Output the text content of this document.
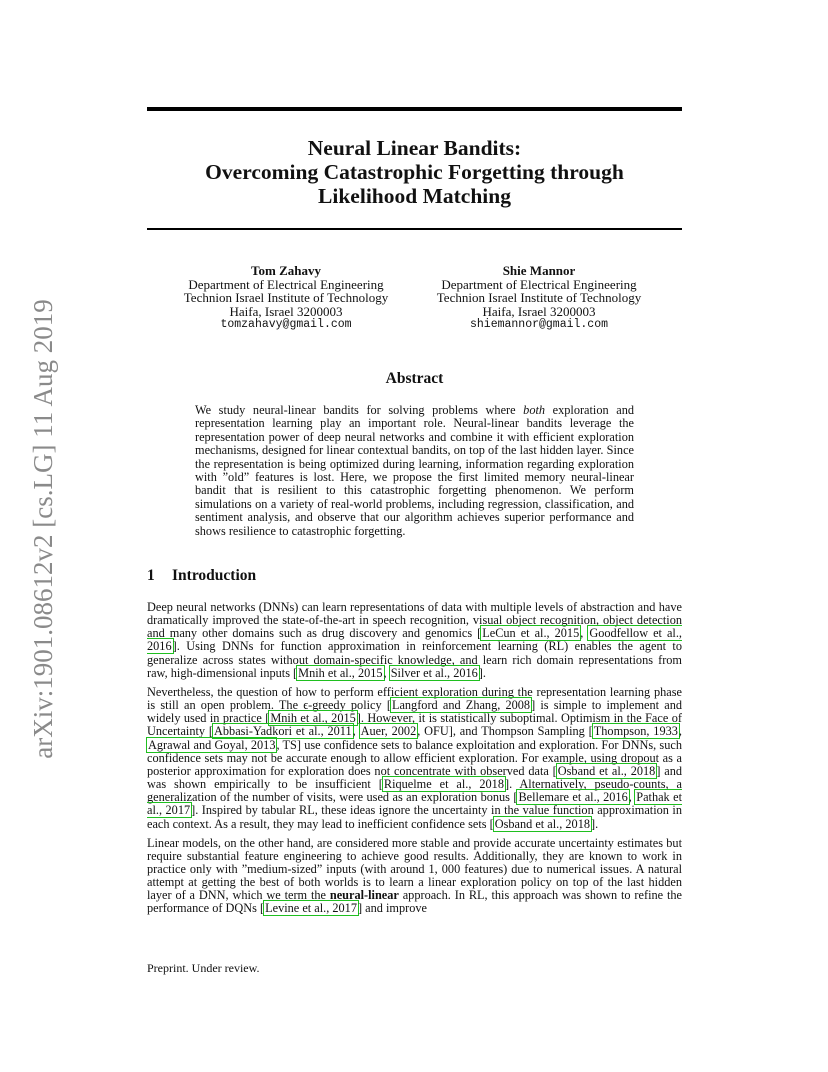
Neural Linear Bandits:
Overcoming Catastrophic Forgetting through
Likelihood Matching
arXiv:1901.08612v2 [cs.LG] 11 Aug 2019
Tom Zahavy
Department of Electrical Engineering
Technion Israel Institute of Technology
Haifa, Israel 3200003
tomzahavy@gmail.com
Shie Mannor
Department of Electrical Engineering
Technion Israel Institute of Technology
Haifa, Israel 3200003
shiemannor@gmail.com
Abstract
We study neural-linear bandits for solving problems where both exploration and representation learning play an important role. Neural-linear bandits leverage the representation power of deep neural networks and combine it with efficient exploration mechanisms, designed for linear contextual bandits, on top of the last hidden layer. Since the representation is being optimized during learning, information regarding exploration with ”old” features is lost. Here, we propose the first limited memory neural-linear bandit that is resilient to this catastrophic forgetting phenomenon. We perform simulations on a variety of real-world problems, including regression, classification, and sentiment analysis, and observe that our algorithm achieves superior performance and shows resilience to catastrophic forgetting.
1 Introduction

Deep neural networks (DNNs) can learn representations of data with multiple levels of abstraction and have dramatically improved the state-of-the-art in speech recognition, visual object recognition, object detection and many other domains such as drug discovery and genomics [LeCun et al., 2015, Goodfellow et al., 2016]. Using DNNs for function approximation in reinforcement learning (RL) enables the agent to generalize across states without domain-specific knowledge, and learn rich domain representations from raw, high-dimensional inputs [Mnih et al., 2015, Silver et al., 2016].

Nevertheless, the question of how to perform efficient exploration during the representation learning phase is still an open problem. The ϵ-greedy policy [Langford and Zhang, 2008] is simple to implement and widely used in practice [Mnih et al., 2015]. However, it is statistically suboptimal. Optimism in the Face of Uncertainty [Abbasi-Yadkori et al., 2011, Auer, 2002, OFU], and Thompson Sampling [Thompson, 1933, Agrawal and Goyal, 2013, TS] use confidence sets to balance exploitation and exploration. For DNNs, such confidence sets may not be accurate enough to allow efficient exploration. For example, using dropout as a posterior approximation for exploration does not concentrate with observed data [Osband et al., 2018] and was shown empirically to be insufficient [Riquelme et al., 2018]. Alternatively, pseudo-counts, a generalization of the number of visits, were used as an exploration bonus [Bellemare et al., 2016, Pathak et al., 2017]. Inspired by tabular RL, these ideas ignore the uncertainty in the value function approximation in each context. As a result, they may lead to inefficient confidence sets [Osband et al., 2018].

Linear models, on the other hand, are considered more stable and provide accurate uncertainty estimates but require substantial feature engineering to achieve good results. Additionally, they are known to work in practice only with ”medium-sized” inputs (with around 1, 000 features) due to numerical issues. A natural attempt at getting the best of both worlds is to learn a linear exploration policy on top of the last hidden layer of a DNN, which we term the neural-linear approach. In RL, this approach was shown to refine the performance of DQNs [Levine et al., 2017] and improve

Preprint. Under review.
